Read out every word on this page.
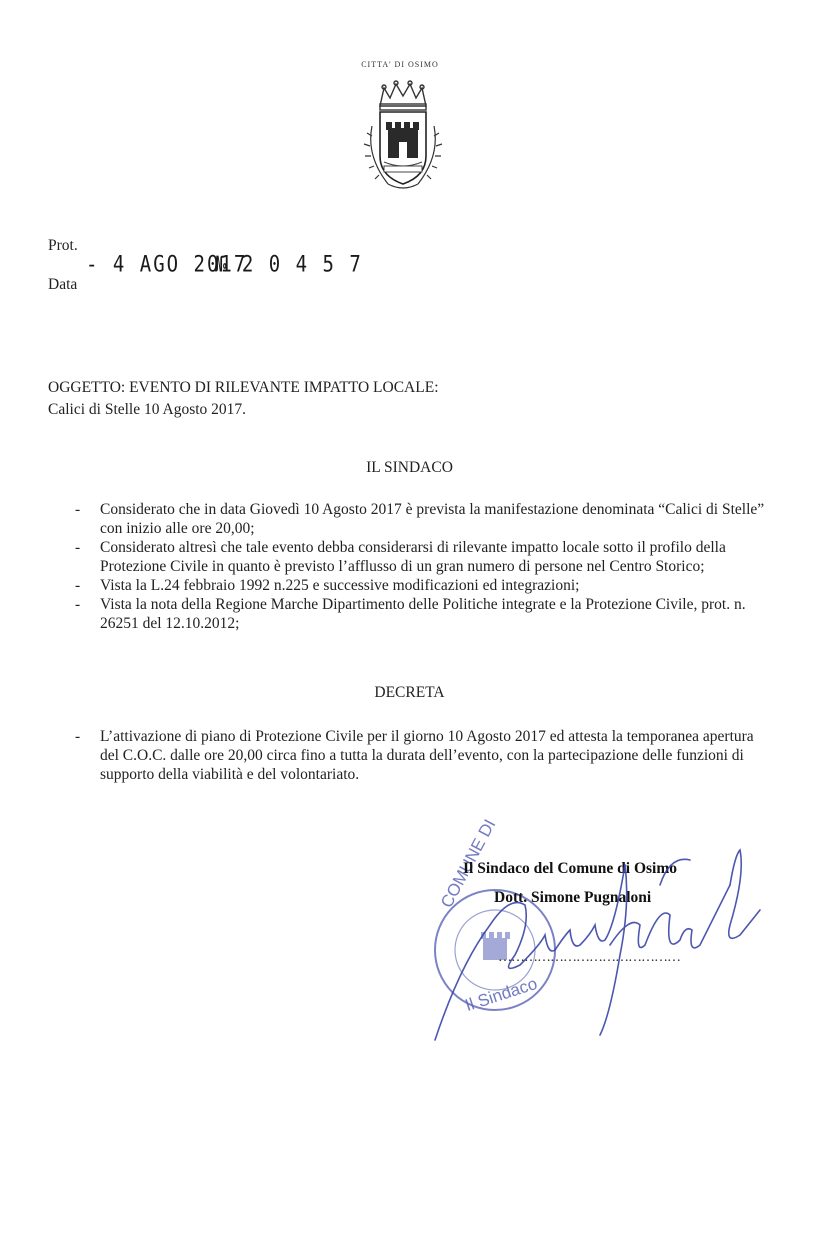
CITTA' DI OSIMO
Prot.
- 4 AGO 2017
№ 2 0 4 5 7
Data
OGGETTO: EVENTO DI RILEVANTE IMPATTO LOCALE:
Calici di Stelle 10 Agosto 2017.
IL SINDACO
- Considerato che in data Giovedì 10 Agosto 2017 è prevista la manifestazione denominata “Calici di Stelle” con inizio alle ore 20,00;
- Considerato altresì che tale evento debba considerarsi di rilevante impatto locale sotto il profilo della Protezione Civile in quanto è previsto l’afflusso di un gran numero di persone nel Centro Storico;
- Vista la L.24 febbraio 1992 n.225 e successive modificazioni ed integrazioni;
- Vista la nota della Regione Marche Dipartimento delle Politiche integrate e la Protezione Civile, prot. n. 26251 del 12.10.2012;
DECRETA
- L’attivazione di piano di Protezione Civile per il giorno 10 Agosto 2017 ed attesta la temporanea apertura del C.O.C. dalle ore 20,00 circa fino a tutta la durata dell’evento, con la partecipazione delle funzioni di supporto della viabilità e del volontariato.
COMUNE DI
Il Sindaco
Il Sindaco del Comune di Osimo
Dott. Simone Pugnaloni
……………………………………
